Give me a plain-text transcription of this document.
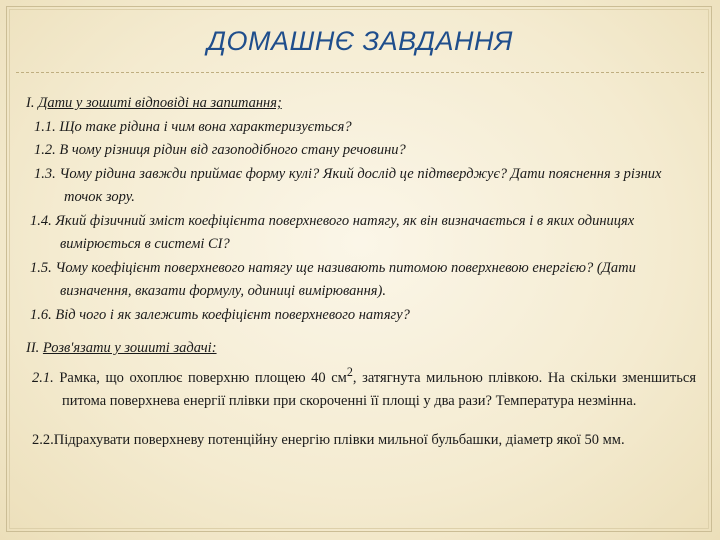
ДОМАШНЄ ЗАВДАННЯ
I. Дати у зошиті відповіді на запитання;
1.1. Що таке рідина і чим вона характеризується?
1.2. В чому різниця рідин від газоподібного стану речовини?
1.3. Чому рідина завжди приймає форму кулі? Який дослід це підтверджує? Дати пояснення з різних точок зору.
1.4. Який фізичний зміст коефіцієнта поверхневого натягу, як він визначається і в яких одиницях вимірюється в системі СІ?
1.5. Чому коефіцієнт поверхневого натягу ще називають питомою поверхневою енергією? (Дати визначення, вказати формулу, одиниці вимірювання).
1.6. Від чого і як залежить коефіцієнт поверхневого натягу?
II. Розв'язати у зошиті задачі:
2.1. Рамка, що охоплює поверхню площею 40 $см^2$, затягнута мильною плівкою. На скільки зменшиться питома поверхнева енергії плівки при скороченні її площі у два рази? Температура незмінна.
2.2.Підрахувати поверхневу потенційну енергію плівки мильної бульбашки, діаметр якої 50 мм.
